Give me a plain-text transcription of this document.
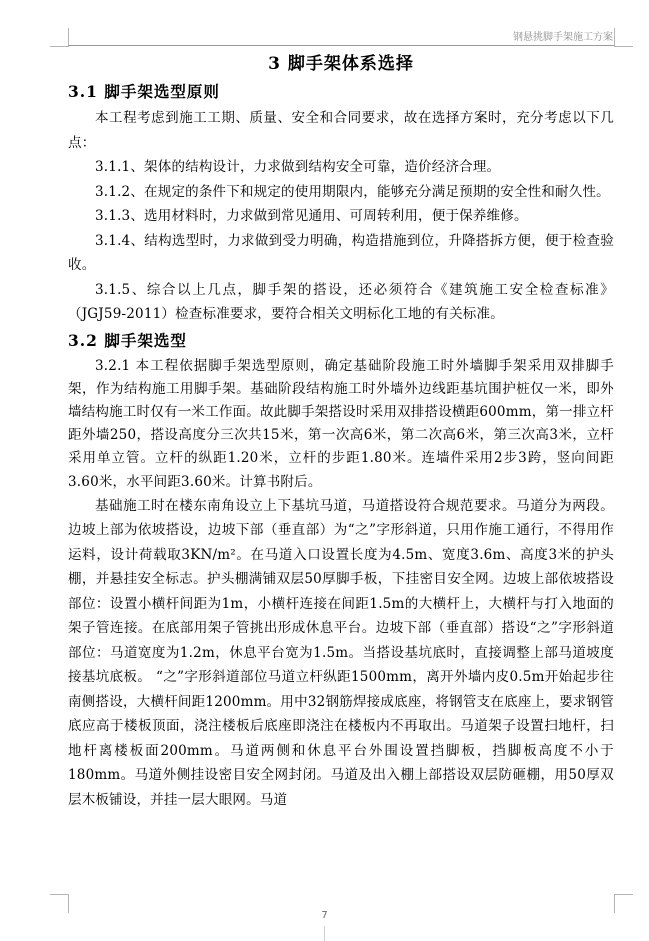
钢悬挑脚手架施工方案
3 脚手架体系选择
3.1 脚手架选型原则

本工程考虑到施工工期、质量、安全和合同要求，故在选择方案时，充分考虑以下几点：

3.1.1、架体的结构设计，力求做到结构安全可靠，造价经济合理。

3.1.2、在规定的条件下和规定的使用期限内，能够充分满足预期的安全性和耐久性。

3.1.3、选用材料时，力求做到常见通用、可周转利用，便于保养维修。

3.1.4、结构选型时，力求做到受力明确，构造措施到位，升降搭拆方便，便于检查验收。

3.1.5、综合以上几点，脚手架的搭设，还必须符合《建筑施工安全检查标准》（JGJ59-2011）检查标准要求，要符合相关文明标化工地的有关标准。

3.2 脚手架选型

3.2.1 本工程依据脚手架选型原则，确定基础阶段施工时外墙脚手架采用双排脚手架，作为结构施工用脚手架。基础阶段结构施工时外墙外边线距基坑围护桩仅一米，即外墙结构施工时仅有一米工作面。故此脚手架搭设时采用双排搭设横距600mm，第一排立杆距外墙250，搭设高度分三次共15米，第一次高6米，第二次高6米，第三次高3米，立杆采用单立管。立杆的纵距1.20米，立杆的步距1.80米。连墙件采用2步3跨，竖向间距3.60米，水平间距3.60米。计算书附后。

基础施工时在楼东南角设立上下基坑马道，马道搭设符合规范要求。马道分为两段。边坡上部为依坡搭设，边坡下部（垂直部）为“之”字形斜道，只用作施工通行，不得用作运料，设计荷载取3KN/m²。在马道入口设置长度为4.5m、宽度3.6m、高度3米的护头棚，并悬挂安全标志。护头棚满铺双层50厚脚手板，下挂密目安全网。边坡上部依坡搭设部位：设置小横杆间距为1m，小横杆连接在间距1.5m的大横杆上，大横杆与打入地面的架子管连接。在底部用架子管挑出形成休息平台。边坡下部（垂直部）搭设“之”字形斜道部位：马道宽度为1.2m，休息平台宽为1.5m。当搭设基坑底时，直接调整上部马道坡度接基坑底板。 “之”字形斜道部位马道立杆纵距1500mm，离开外墙内皮0.5m开始起步往南侧搭设，大横杆间距1200mm。用中32钢筋焊接成底座，将钢管支在底座上，要求钢管底应高于楼板顶面，浇注楼板后底座即浇注在楼板内不再取出。马道架子设置扫地杆，扫地杆离楼板面200mm。马道两侧和休息平台外围设置挡脚板，挡脚板高度不小于180mm。马道外侧挂设密目安全网封闭。马道及出入棚上部搭设双层防砸棚，用50厚双层木板铺设，并挂一层大眼网。马道

7
